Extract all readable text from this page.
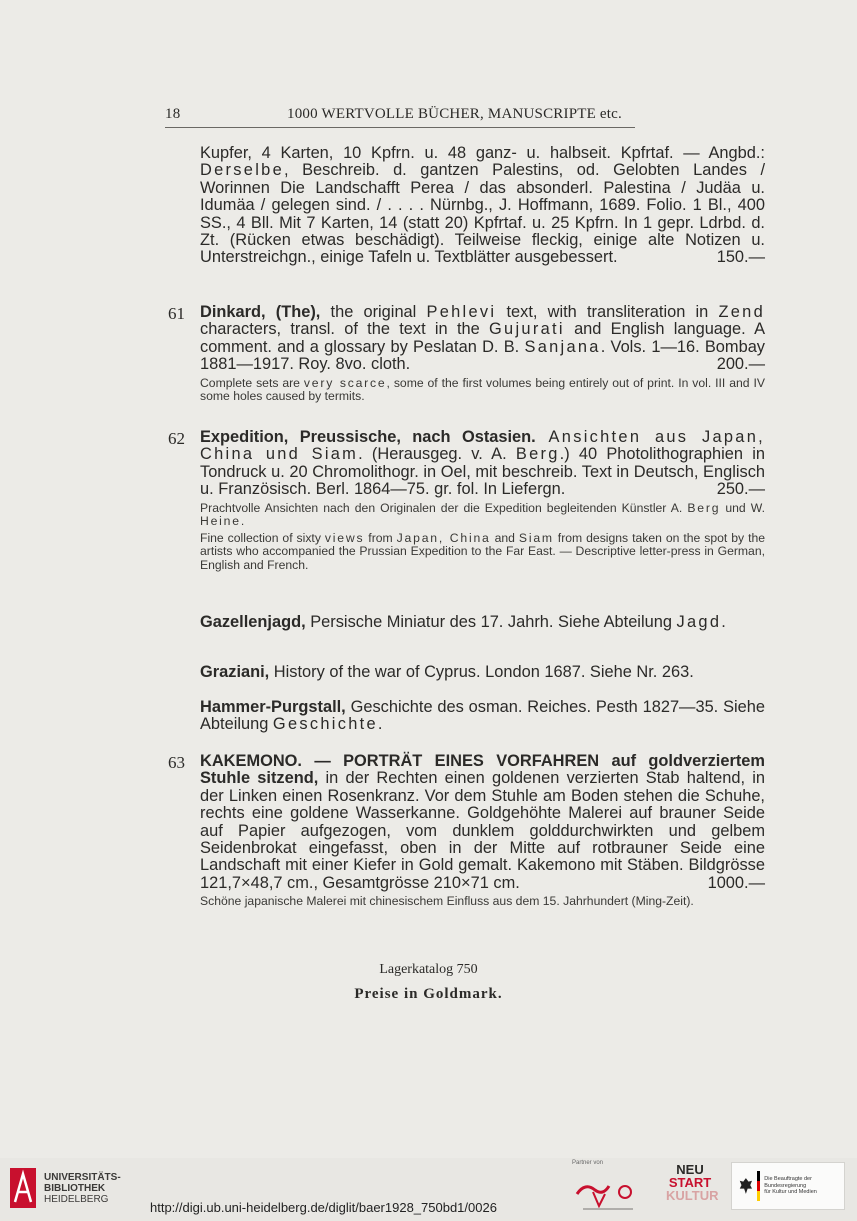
18	1000 WERTVOLLE BÜCHER, MANUSCRIPTE etc.
Kupfer, 4 Karten, 10 Kpfrn. u. 48 ganz- u. halbseit. Kpfrtaf. — Angbd.: Derselbe, Beschreib. d. gantzen Palestins, od. Gelobten Landes / Worinnen Die Landschafft Perea / das absonderl. Palestina / Judäa u. Idumäa / gelegen sind. / . . . . Nürnbg., J. Hoffmann, 1689. Folio. 1 Bl., 400 SS., 4 Bll. Mit 7 Karten, 14 (statt 20) Kpfrtaf. u. 25 Kpfrn. In 1 gepr. Ldrbd. d. Zt. (Rücken etwas beschädigt). Teilweise fleckig, einige alte Notizen u. Unterstreichgn., einige Tafeln u. Textblätter ausgebessert.	150.—
61 Dinkard, (The), the original Pehlevi text, with transliteration in Zend characters, transl. of the text in the Gujurati and English language. A comment. and a glossary by Peslatan D. B. Sanjana. Vols. 1—16. Bombay 1881—1917. Roy. 8vo. cloth.	200.—
Complete sets are very scarce, some of the first volumes being entirely out of print. In vol. III and IV some holes caused by termits.
62 Expedition, Preussische, nach Ostasien. Ansichten aus Japan, China und Siam. (Herausgeg. v. A. Berg.) 40 Photolithographien in Tondruck u. 20 Chromolithogr. in Oel, mit beschreib. Text in Deutsch, Englisch u. Französisch. Berl. 1864—75. gr. fol. In Liefergn.	250.—
Prachtvolle Ansichten nach den Originalen der die Expedition begleitenden Künstler A. Berg und W. Heine.
Fine collection of sixty views from Japan, China and Siam from designs taken on the spot by the artists who accompanied the Prussian Expedition to the Far East. — Descriptive letter-press in German, English and French.
Gazellenjagd, Persische Miniatur des 17. Jahrh. Siehe Abteilung Jagd.
Graziani, History of the war of Cyprus. London 1687. Siehe Nr. 263.
Hammer-Purgstall, Geschichte des osman. Reiches. Pesth 1827—35. Siehe Abteilung Geschichte.
63 KAKEMONO. — PORTRÄT EINES VORFAHREN auf goldverziertem Stuhle sitzend, in der Rechten einen goldenen verzierten Stab haltend, in der Linken einen Rosenkranz. Vor dem Stuhle am Boden stehen die Schuhe, rechts eine goldene Wasserkanne. Goldgehöhte Malerei auf brauner Seide auf Papier aufgezogen, vom dunklem golddurchwirkten und gelbem Seidenbrokat eingefasst, oben in der Mitte auf rotbrauner Seide eine Landschaft mit einer Kiefer in Gold gemalt. Kakemono mit Stäben. Bildgrösse 121,7×48,7 cm., Gesamtgrösse 210×71 cm.	1000.—
Schöne japanische Malerei mit chinesischem Einfluss aus dem 15. Jahrhundert (Ming-Zeit).
Lagerkatalog 750
Preise in Goldmark.
UNIVERSITÄTS-
BIBLIOTHEK
HEIDELBERG
http://digi.ub.uni-heidelberg.de/diglit/baer1928_750bd1/0026
Partner von	NEU
START
KULTUR
Die Beauftragte der Bundesregierung
für Kultur und Medien
